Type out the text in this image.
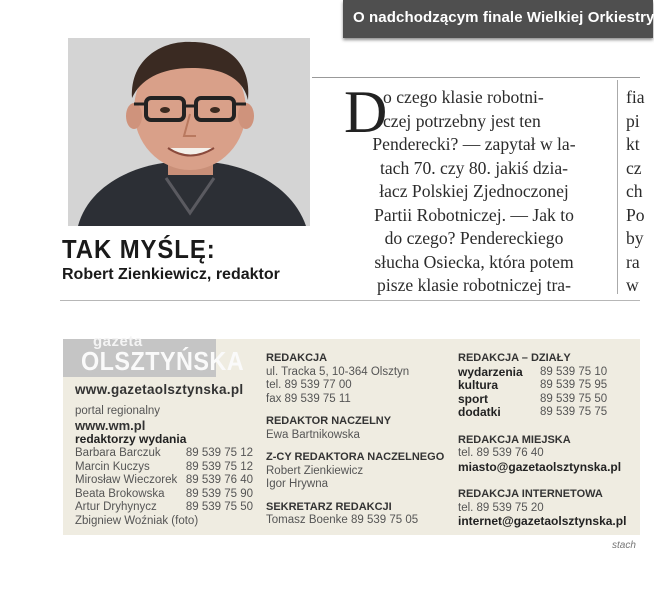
O nadchodzącym finale Wielkiej Orkiestry
TAK MYŚLĘ:
Robert Zienkiewicz, redaktor
D
o czego klasie robotni-
czej potrzebny jest ten
Penderecki? — zapytał w la-
tach 70. czy 80. jakiś dzia-
łacz Polskiej Zjednoczonej
Partii Robotniczej. — Jak to
do czego? Pendereckiego
słucha Osiecka, która potem
pisze klasie robotniczej tra-
fia
pi
kt
cz
ch
Po
by
ra
w
gazeta
OLSZTYŃSKA
www.gazetaolsztynska.pl
portal regionalny
www.wm.pl
redaktorzy wydania
Barbara Barczuk 89 539 75 12
Marcin Kuczys	89 539 75 12
Mirosław Wieczorek 89 539 76 40
Beata Brokowska 89 539 75 90
Artur Dryhynycz	89 539 75 50
Zbigniew Woźniak (foto)
REDAKCJA
ul. Tracka 5, 10-364 Olsztyn
tel. 89 539 77 00
fax 89 539 75 11
REDAKTOR NACZELNY
Ewa Bartnikowska
Z-CY REDAKTORA NACZELNEGO
Robert Zienkiewicz
Igor Hrywna
SEKRETARZ REDAKCJI
Tomasz Boenke 89 539 75 05
REDAKCJA – DZIAŁY
wydarzenia	89 539 75 10
kultura	89 539 75 95
sport	89 539 75 50
dodatki	89 539 75 75
REDAKCJA MIEJSKA
tel. 89 539 76 40
miasto@gazetaolsztynska.pl
REDAKCJA INTERNETOWA
tel. 89 539 75 20
internet@gazetaolsztynska.pl
stach
